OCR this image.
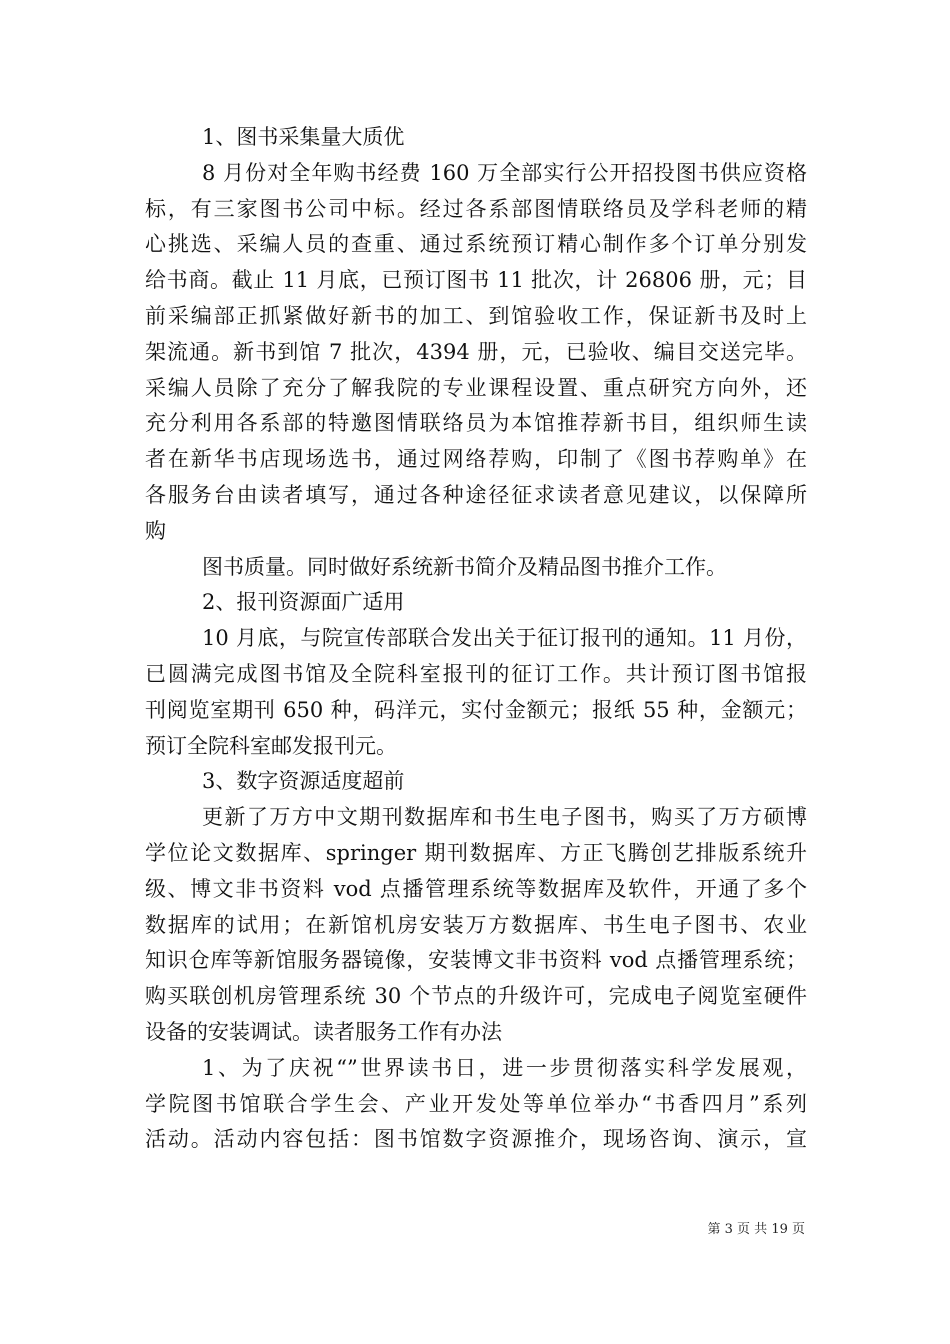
1、图书采集量大质优
8 月份对全年购书经费 160 万全部实行公开招投图书供应资格
标，有三家图书公司中标。经过各系部图情联络员及学科老师的精
心挑选、采编人员的查重、通过系统预订精心制作多个订单分别发
给书商。截止 11 月底，已预订图书 11 批次，计 26806 册，元；目
前采编部正抓紧做好新书的加工、到馆验收工作，保证新书及时上
架流通。新书到馆 7 批次，4394 册，元，已验收、编目交送完毕。
采编人员除了充分了解我院的专业课程设置、重点研究方向外，还
充分利用各系部的特邀图情联络员为本馆推荐新书目，组织师生读
者在新华书店现场选书，通过网络荐购，印制了《图书荐购单》在
各服务台由读者填写，通过各种途径征求读者意见建议，以保障所
购
图书质量。同时做好系统新书简介及精品图书推介工作。
2、报刊资源面广适用
10 月底，与院宣传部联合发出关于征订报刊的通知。11 月份，
已圆满完成图书馆及全院科室报刊的征订工作。共计预订图书馆报
刊阅览室期刊 650 种，码洋元，实付金额元；报纸 55 种，金额元；
预订全院科室邮发报刊元。
3、数字资源适度超前
更新了万方中文期刊数据库和书生电子图书，购买了万方硕博
学位论文数据库、springer 期刊数据库、方正飞腾创艺排版系统升
级、博文非书资料 vod 点播管理系统等数据库及软件，开通了多个
数据库的试用；在新馆机房安装万方数据库、书生电子图书、农业
知识仓库等新馆服务器镜像，安装博文非书资料 vod 点播管理系统；
购买联创机房管理系统 30 个节点的升级许可，完成电子阅览室硬件
设备的安装调试。读者服务工作有办法
1、为了庆祝“”世界读书日，进一步贯彻落实科学发展观，
学院图书馆联合学生会、产业开发处等单位举办“书香四月”系列
活动。活动内容包括：图书馆数字资源推介，现场咨询、演示，宣
第 3 页 共 19 页
